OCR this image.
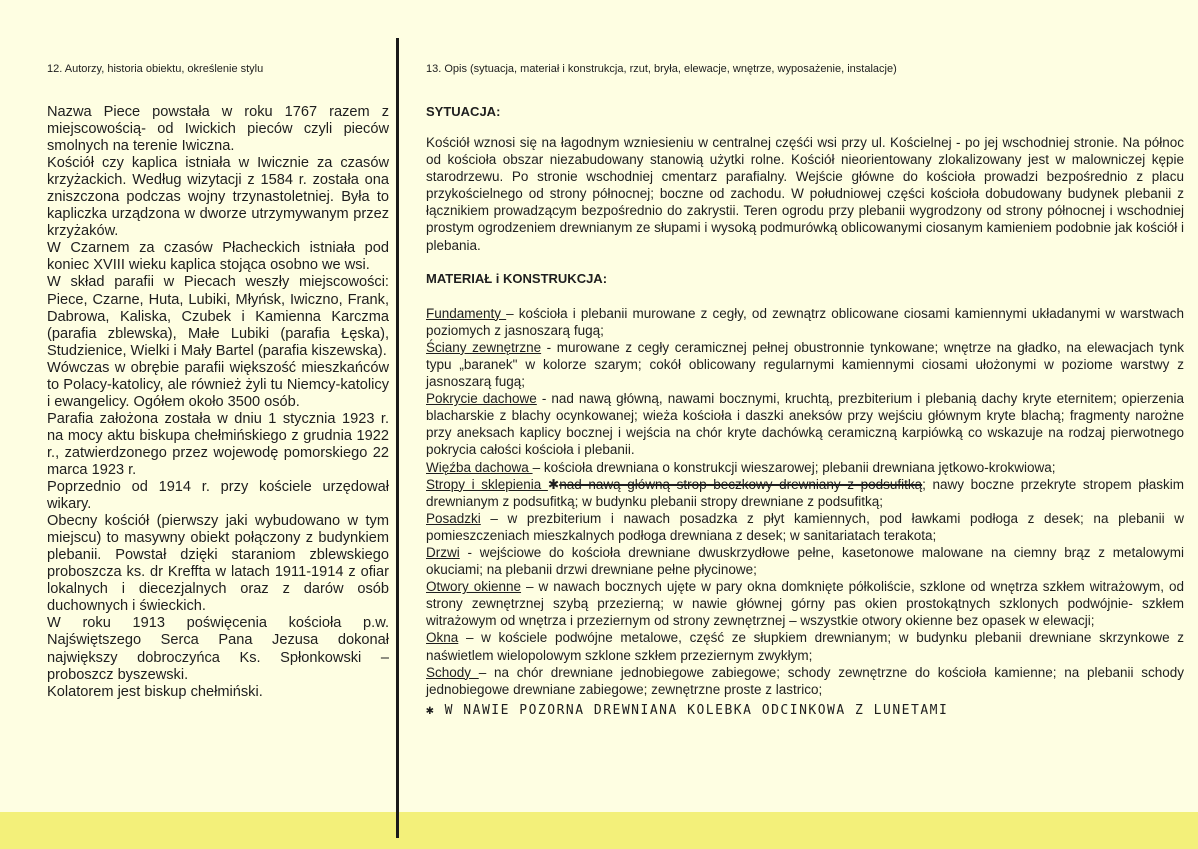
12. Autorzy, historia obiektu, określenie stylu

Nazwa Piece powstała w roku 1767 razem z miejscowością- od Iwickich pieców czyli pieców smolnych na terenie Iwiczna.

Kościół czy kaplica istniała w Iwicznie za czasów krzyżackich. Według wizytacji z 1584 r. została ona zniszczona podczas wojny trzynastoletniej. Była to kapliczka urządzona w dworze utrzymywanym przez krzyżaków.

W Czarnem za czasów Płacheckich istniała pod koniec XVIII wieku kaplica stojąca osobno we wsi.

W skład parafii w Piecach weszły miejscowości: Piece, Czarne, Huta, Lubiki, Młyńsk, Iwiczno, Frank, Dabrowa, Kaliska, Czubek i Kamienna Karczma (parafia zblewska), Małe Lubiki (parafia Łęska), Studzienice, Wielki i Mały Bartel (parafia kiszewska).

Wówczas w obrębie parafii większość mieszkańców to Polacy-katolicy, ale również żyli tu Niemcy-katolicy i ewangelicy. Ogółem około 3500 osób.

Parafia założona została w dniu 1 stycznia 1923 r. na mocy aktu biskupa chełmińskiego z grudnia 1922 r., zatwierdzonego przez wojewodę pomorskiego 22 marca 1923 r.

Poprzednio od 1914 r. przy kościele urzędował wikary.

Obecny kościół (pierwszy jaki wybudowano w tym miejscu) to masywny obiekt połączony z budynkiem plebanii. Powstał dzięki staraniom zblewskiego proboszcza ks. dr Kreffta w latach 1911-1914 z ofiar lokalnych i diecezjalnych oraz z darów osób duchownych i świeckich.

W roku 1913 poświęcenia kościoła p.w. Najświętszego Serca Pana Jezusa dokonał największy dobroczyńca Ks. Spłonkowski – proboszcz byszewski.

Kolatorem jest biskup chełmiński.

13. Opis (sytuacja, materiał i konstrukcja, rzut, bryła, elewacje, wnętrze, wyposażenie, instalacje)
SYTUACJA:
Kościół wznosi się na łagodnym wzniesieniu w centralnej częśći wsi przy ul. Kościelnej - po jej wschodniej stronie. Na północ od kościoła obszar niezabudowany stanowią użytki rolne. Kościół nieorientowany zlokalizowany jest w malowniczej kępie starodrzewu. Po stronie wschodniej cmentarz parafialny. Wejście główne do kościoła prowadzi bezpośrednio z placu przykościelnego od strony północnej; boczne od zachodu. W południowej części kościoła dobudowany budynek plebanii z łącznikiem prowadzącym bezpośrednio do zakrystii. Teren ogrodu przy plebanii wygrodzony od strony północnej i wschodniej prostym ogrodzeniem drewnianym ze słupami i wysoką podmurówką oblicowanymi ciosanym kamieniem podobnie jak kościół i plebania.
MATERIAŁ i KONSTRUKCJA:
Fundamenty – kościoła i plebanii murowane z cegły, od zewnątrz oblicowane ciosami kamiennymi układanymi w warstwach poziomych z jasnoszarą fugą;
Ściany zewnętrzne - murowane z cegły ceramicznej pełnej obustronnie tynkowane; wnętrze na gładko, na elewacjach tynk typu „baranek" w kolorze szarym; cokół oblicowany regularnymi kamiennymi ciosami ułożonymi w poziome warstwy z jasnoszarą fugą;
Pokrycie dachowe - nad nawą główną, nawami bocznymi, kruchtą, prezbiterium i plebanią dachy kryte eternitem; opierzenia blacharskie z blachy ocynkowanej; wieża kościoła i daszki aneksów przy wejściu głównym kryte blachą; fragmenty narożne przy aneksach kaplicy bocznej i wejścia na chór kryte dachówką ceramiczną karpiówką co wskazuje na rodzaj pierwotnego pokrycia całości kościoła i plebanii.
Więźba dachowa – kościoła drewniana o konstrukcji wieszarowej; plebanii drewniana jętkowo-krokwiowa;
Stropy i sklepienia ✱nad nawą główną strop beczkowy drewniany z podsufitką; nawy boczne przekryte stropem płaskim drewnianym z podsufitką; w budynku plebanii stropy drewniane z podsufitką;
Posadzki – w prezbiterium i nawach posadzka z płyt kamiennych, pod ławkami podłoga z desek; na plebanii w pomieszczeniach mieszkalnych podłoga drewniana z desek; w sanitariatach terakota;
Drzwi - wejściowe do kościoła drewniane dwuskrzydłowe pełne, kasetonowe malowane na ciemny brąz z metalowymi okuciami; na plebanii drzwi drewniane pełne płycinowe;
Otwory okienne – w nawach bocznych ujęte w pary okna domknięte półkoliście, szklone od wnętrza szkłem witrażowym, od strony zewnętrznej szybą przezierną; w nawie głównej górny pas okien prostokątnych szklonych podwójnie- szkłem witrażowym od wnętrza i przeziernym od strony zewnętrznej – wszystkie otwory okienne bez opasek w elewacji;
Okna – w kościele podwójne metalowe, część ze słupkiem drewnianym; w budynku plebanii drewniane skrzynkowe z naświetlem wielopolowym szklone szkłem przeziernym zwykłym;
Schody – na chór drewniane jednobiegowe zabiegowe; schody zewnętrzne do kościoła kamienne; na plebanii schody jednobiegowe drewniane zabiegowe; zewnętrzne proste z lastrico;
✱ W NAWIE POZORNA DREWNIANA KOLEBKA ODCINKOWA Z LUNETAMI
